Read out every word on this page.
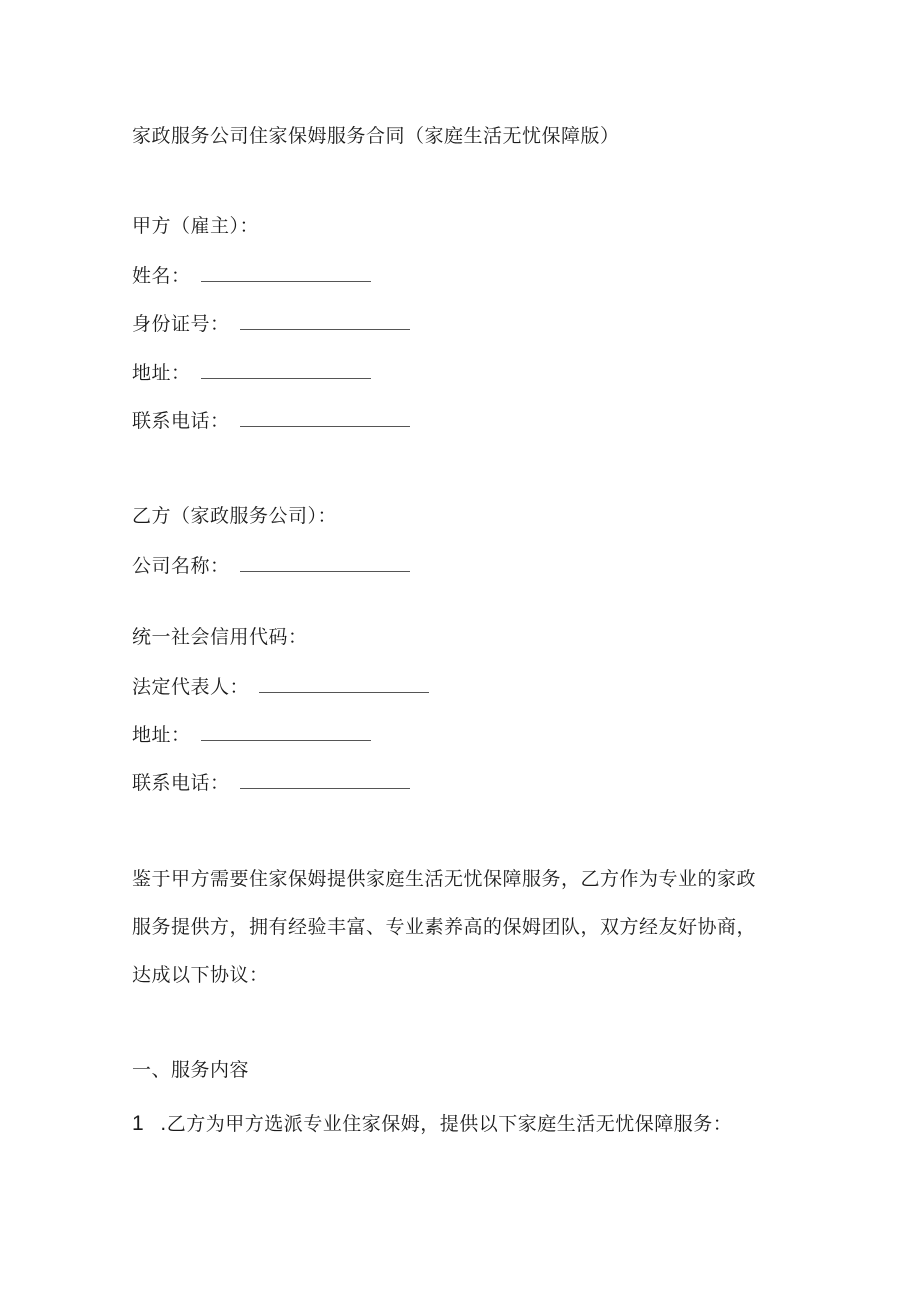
家政服务公司住家保姆服务合同（家庭生活无忧保障版）
甲方（雇主）：
姓名：
身份证号：
地址：
联系电话：
乙方（家政服务公司）：
公司名称：
统一社会信用代码：
法定代表人：
地址：
联系电话：
鉴于甲方需要住家保姆提供家庭生活无忧保障服务，乙方作为专业的家政
服务提供方，拥有经验丰富、专业素养高的保姆团队，双方经友好协商，
达成以下协议：
一、服务内容
1 .乙方为甲方选派专业住家保姆，提供以下家庭生活无忧保障服务：
